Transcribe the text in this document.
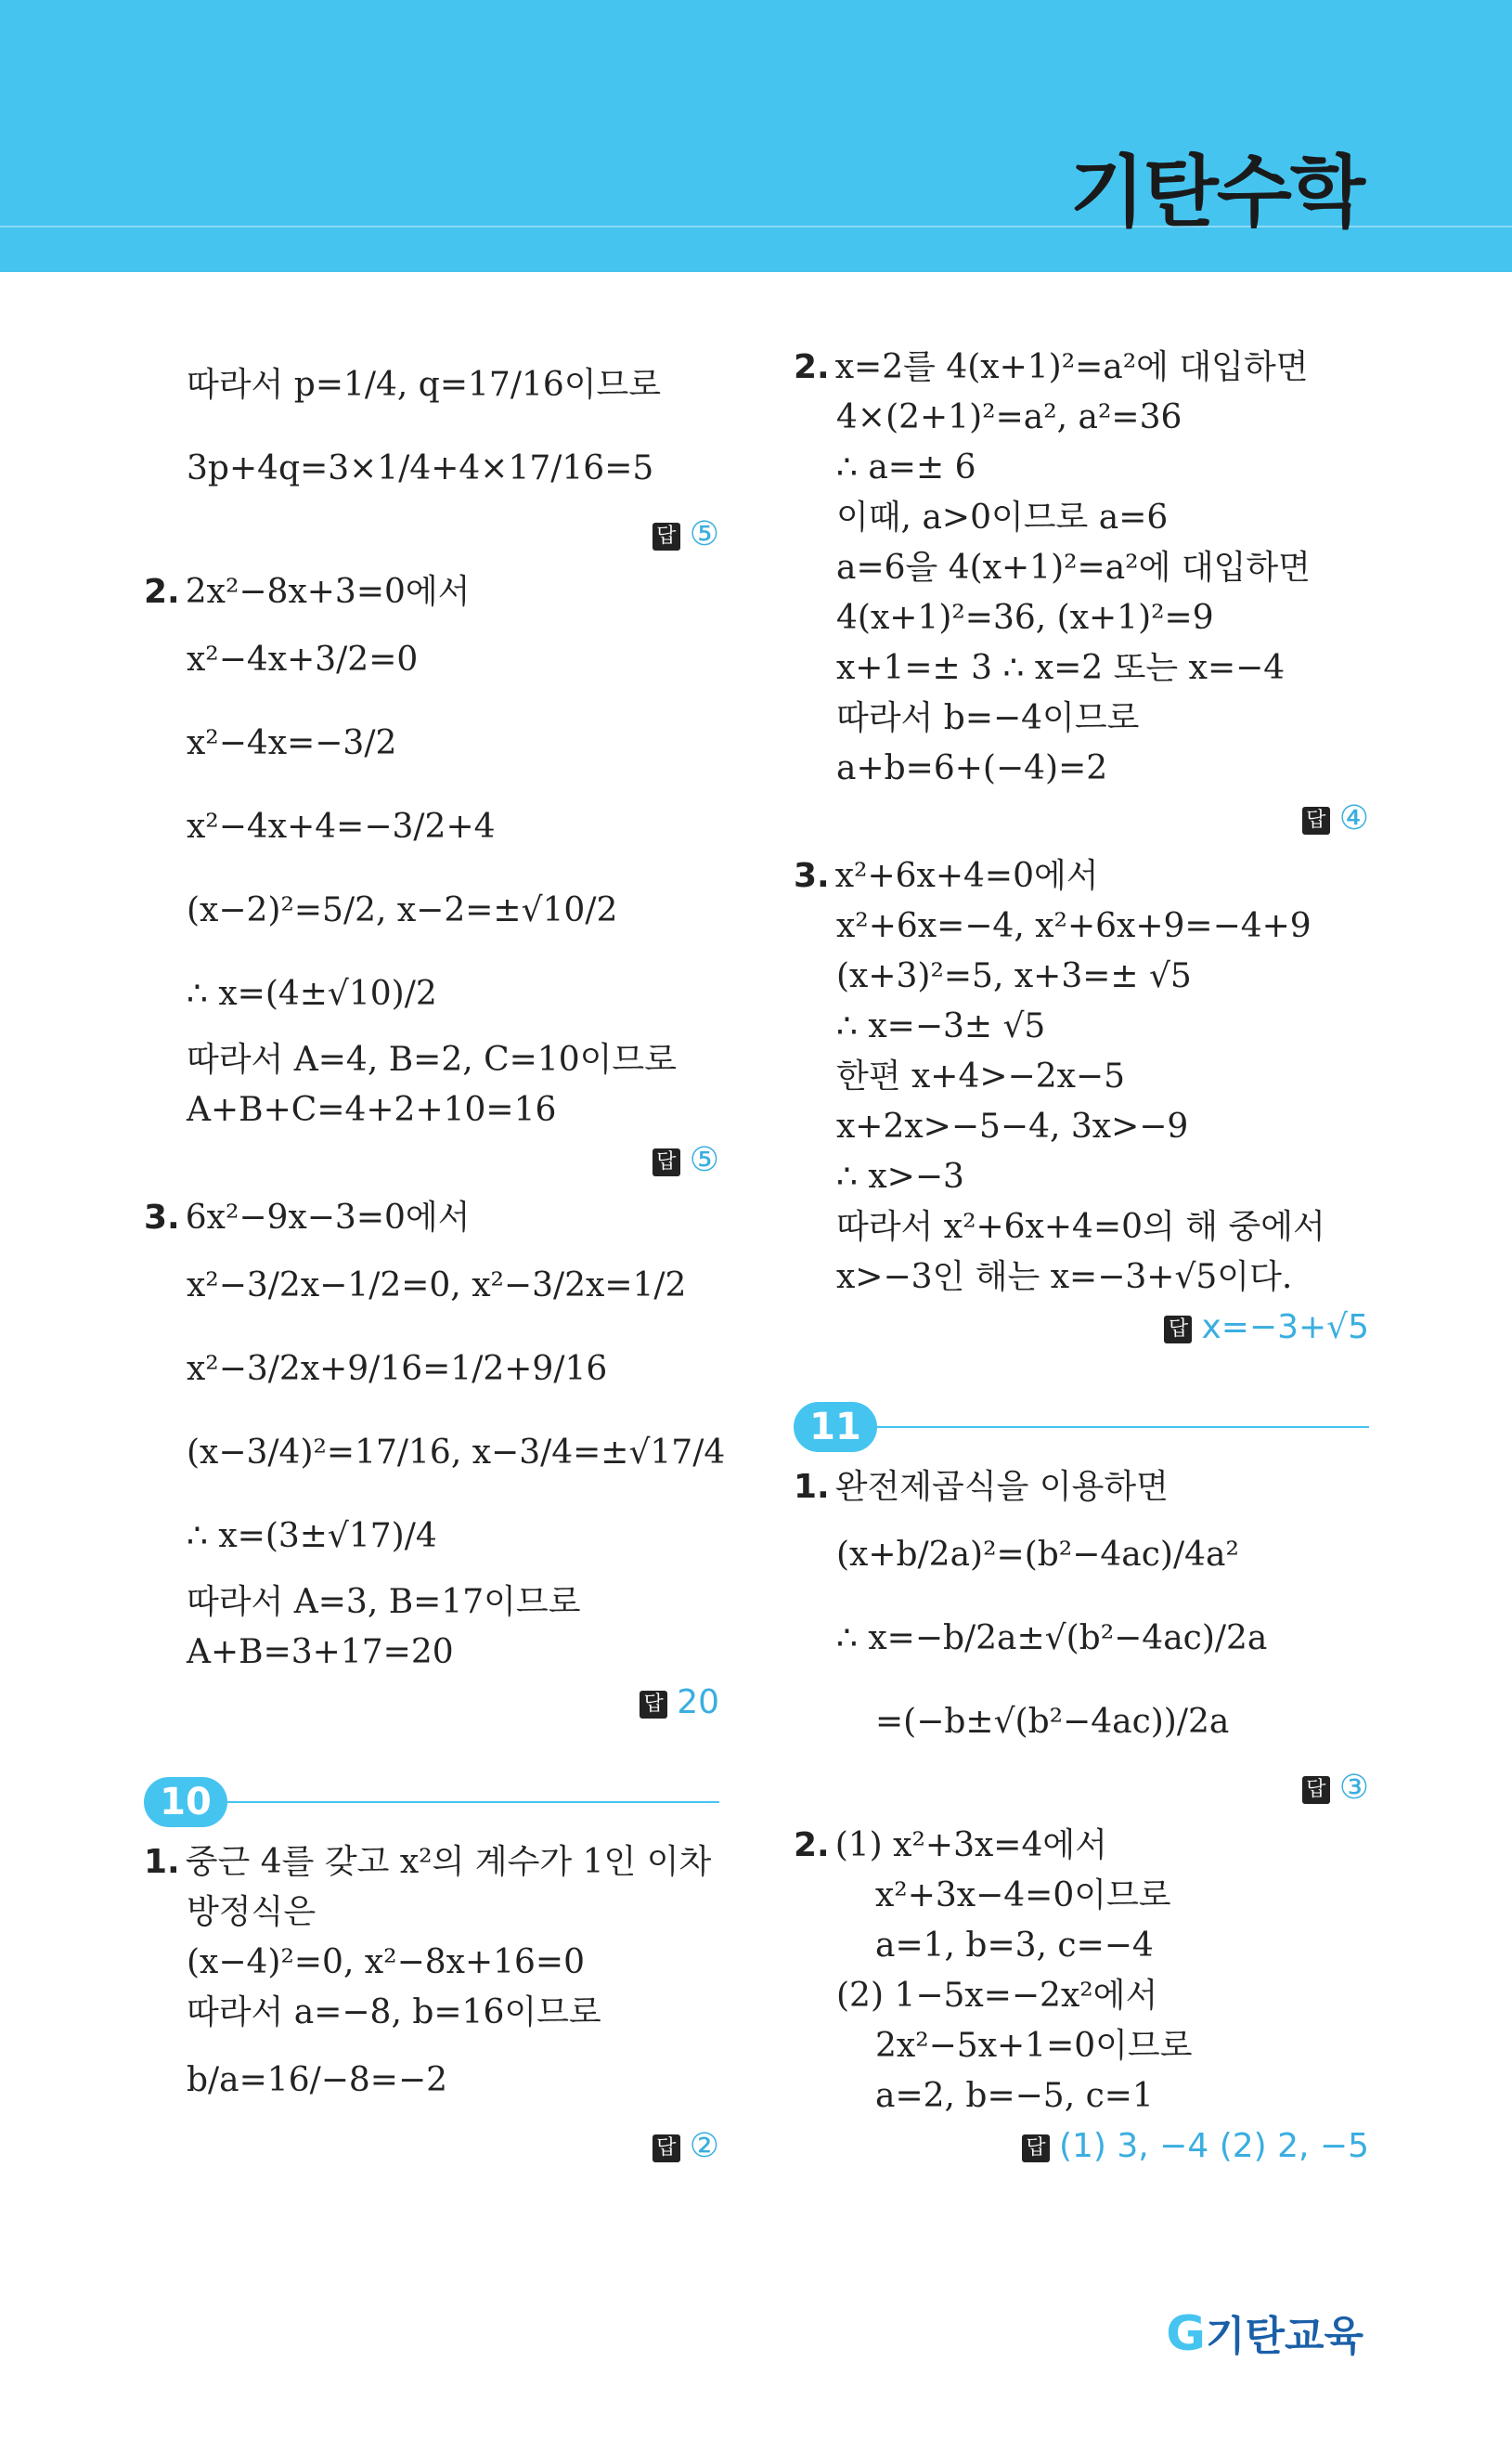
기탄수학
따라서 p=1/4, q=17/16이므로
3p+4q=3×1/4+4×17/16=5
답 ⑤
2. 2x²−8x+3=0에서
x²−4x+3/2=0
x²−4x=−3/2
x²−4x+4=−3/2+4
(x−2)²=5/2, x−2=±√10/2
∴ x=(4±√10)/2
따라서 A=4, B=2, C=10이므로
A+B+C=4+2+10=16
답 ⑤
3. 6x²−9x−3=0에서
x²−3/2x−1/2=0, x²−3/2x=1/2
x²−3/2x+9/16=1/2+9/16
(x−3/4)²=17/16, x−3/4=±√17/4
∴ x=(3±√17)/4
따라서 A=3, B=17이므로
A+B=3+17=20
답 20
10
1. 중근 4를 갖고 x²의 계수가 1인 이차
방정식은
(x−4)²=0, x²−8x+16=0
따라서 a=−8, b=16이므로
b/a=16/−8=−2
답 ②
2. x=2를 4(x+1)²=a²에 대입하면
4×(2+1)²=a², a²=36
∴ a=± 6
이때, a>0이므로 a=6
a=6을 4(x+1)²=a²에 대입하면
4(x+1)²=36, (x+1)²=9
x+1=± 3 ∴ x=2 또는 x=−4
따라서 b=−4이므로
a+b=6+(−4)=2
답 ④
3. x²+6x+4=0에서
x²+6x=−4, x²+6x+9=−4+9
(x+3)²=5, x+3=± √5
∴ x=−3± √5
한편 x+4>−2x−5
x+2x>−5−4, 3x>−9
∴ x>−3
따라서 x²+6x+4=0의 해 중에서
x>−3인 해는 x=−3+√5이다.
답 x=−3+√5
11
1. 완전제곱식을 이용하면
(x+b/2a)²=(b²−4ac)/4a²
∴ x=−b/2a±√(b²−4ac)/2a
=(−b±√(b²−4ac))/2a
답 ③
2. (1) x²+3x=4에서
x²+3x−4=0이므로
a=1, b=3, c=−4
(2) 1−5x=−2x²에서
2x²−5x+1=0이므로
a=2, b=−5, c=1
답 (1) 3, −4 (2) 2, −5
G기탄교육
